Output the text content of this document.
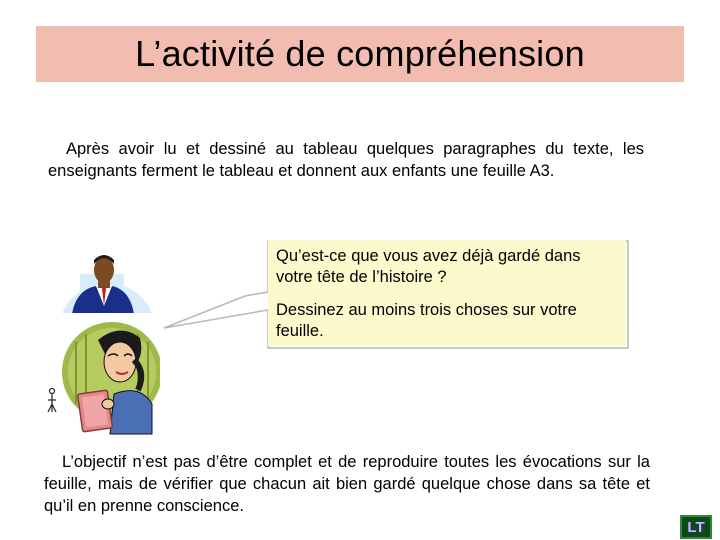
L’activité de compréhension

Après avoir lu et dessiné au tableau quelques paragraphes du texte, les enseignants ferment le tableau et donnent aux enfants une feuille A3.

Qu’est-ce que vous avez déjà gardé dans votre tête de l’histoire ?

Dessinez au moins trois choses sur votre feuille.

L’objectif n’est pas d’être complet et de reproduire toutes les évocations sur la feuille, mais de vérifier que chacun ait bien gardé quelque chose dans sa tête et qu’il en prenne conscience.

LT
